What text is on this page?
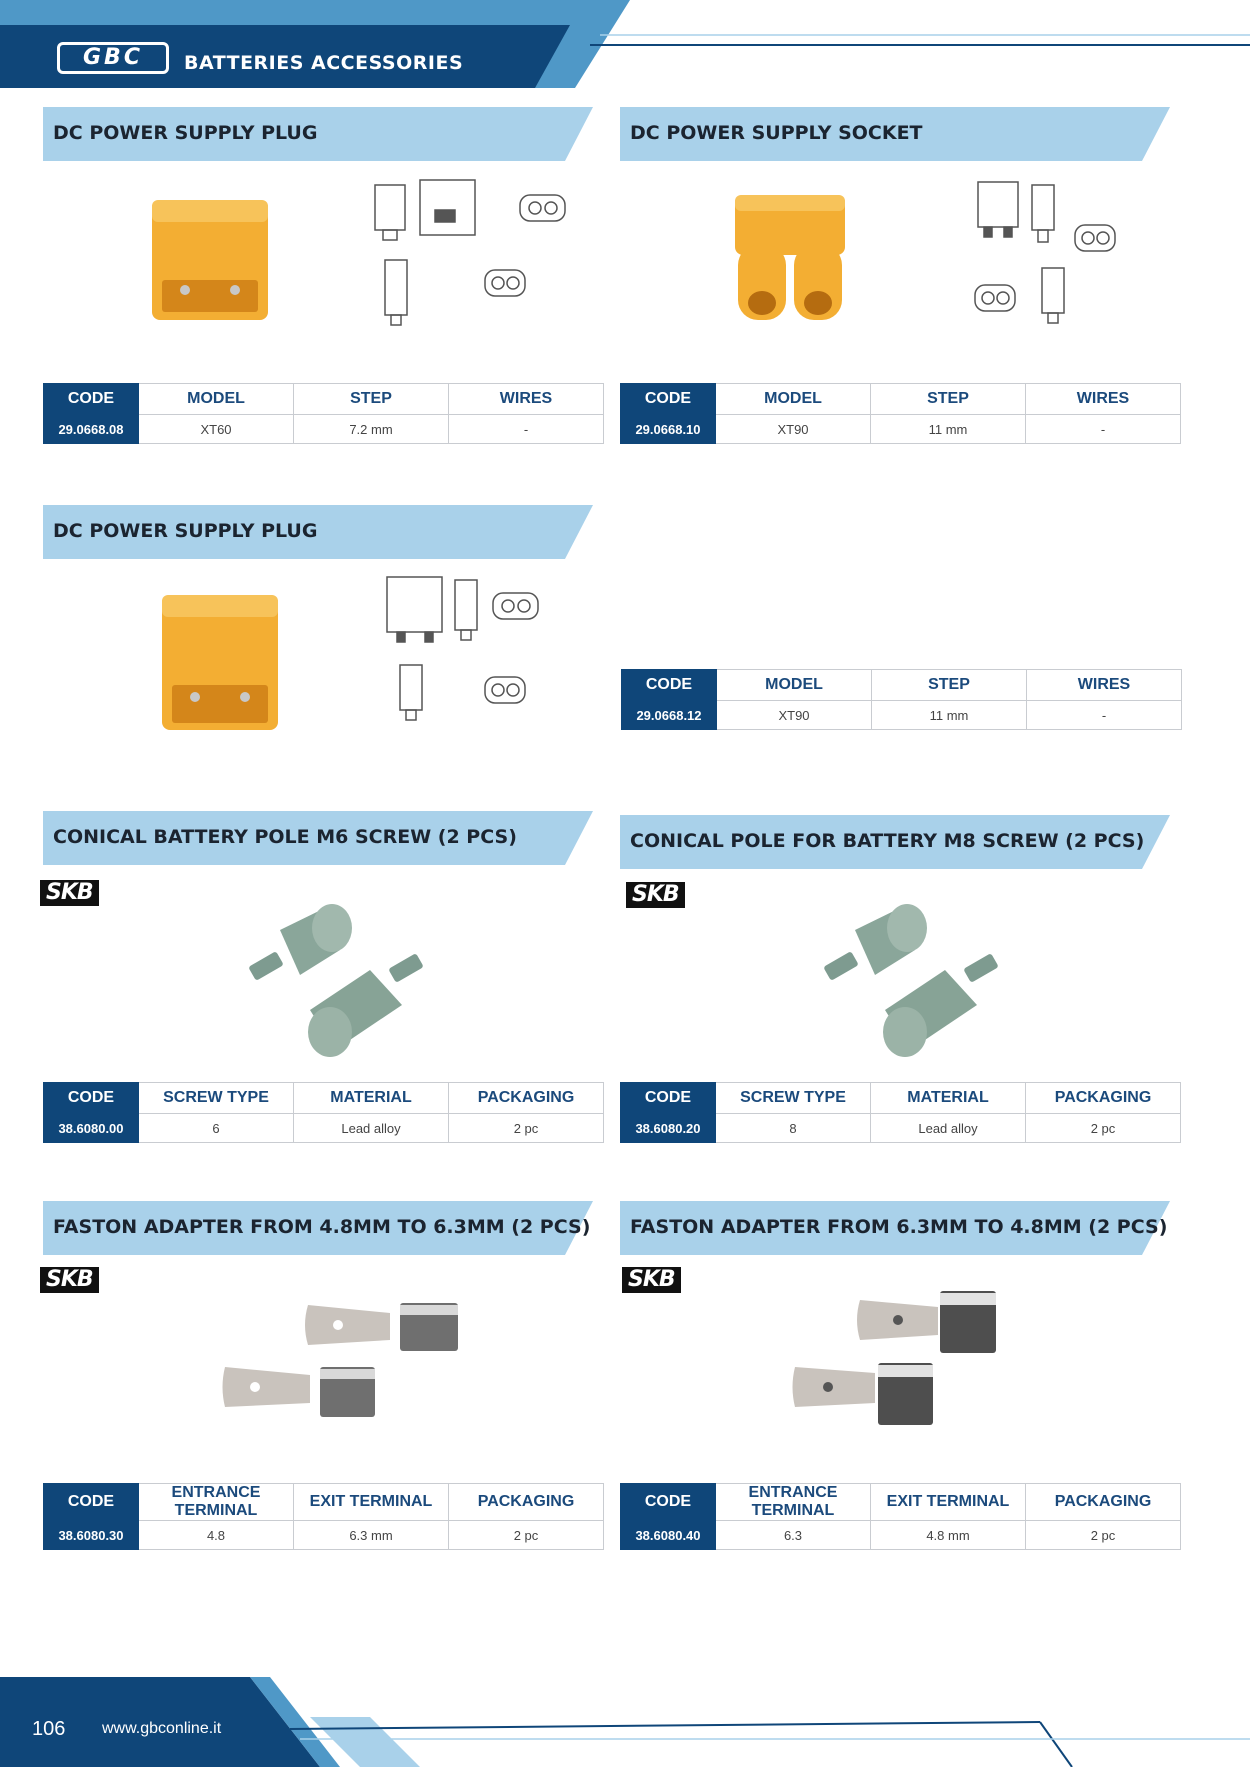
GBC	BATTERIES ACCESSORIES
DC POWER SUPPLY PLUG
CODE	MODEL	STEP	WIRES
29.0668.08	XT60	7.2 mm	-
DC POWER SUPPLY SOCKET
CODE	MODEL	STEP	WIRES
29.0668.10	XT90	11 mm	-
DC POWER SUPPLY PLUG
CODE	MODEL	STEP	WIRES
29.0668.12	XT90	11 mm	-
CONICAL BATTERY POLE M6 SCREW (2 PCS)
SKB
CODE	SCREW TYPE	MATERIAL	PACKAGING
38.6080.00	6	Lead alloy	2 pc
CONICAL POLE FOR BATTERY M8 SCREW (2 PCS)
SKB
CODE	SCREW TYPE	MATERIAL	PACKAGING
38.6080.20	8	Lead alloy	2 pc
FASTON ADAPTER FROM 4.8MM TO 6.3MM (2 PCS)
SKB
CODE	ENTRANCE TERMINAL	EXIT TERMINAL	PACKAGING
38.6080.30	4.8	6.3 mm	2 pc
FASTON ADAPTER FROM 6.3MM TO 4.8MM (2 PCS)
SKB
CODE	ENTRANCE TERMINAL	EXIT TERMINAL	PACKAGING
38.6080.40	6.3	4.8 mm	2 pc
106 www.gbconline.it
